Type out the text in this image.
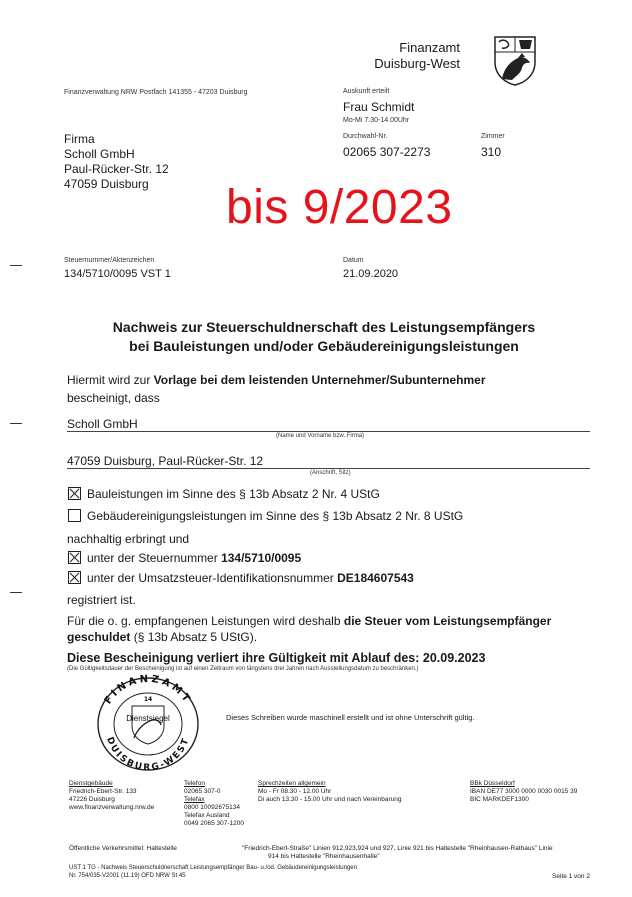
Finanzamt
Duisburg-West
Finanzverwaltung NRW Postfach 141355 - 47203 Duisburg
Firma
Scholl GmbH
Paul-Rücker-Str. 12
47059 Duisburg
Auskunft erteilt
Frau Schmidt
Mo-Mi 7.30-14.00Uhr
Durchwahl-Nr.
02065 307-2273
Zimmer
310
bis 9/2023
Steuernummer/Aktenzeichen
134/5710/0095 VST 1
Datum
21.09.2020
Nachweis zur Steuerschuldnerschaft des Leistungsempfängers
bei Bauleistungen und/oder Gebäudereinigungsleistungen
Hiermit wird zur Vorlage bei dem leistenden Unternehmer/Subunternehmer
bescheinigt, dass
Scholl GmbH
(Name und Vorname bzw. Firma)
47059 Duisburg, Paul-Rücker-Str. 12
(Anschrift, Sitz)
Bauleistungen im Sinne des § 13b Absatz 2 Nr. 4 UStG
Gebäudereinigungsleistungen im Sinne des § 13b Absatz 2 Nr. 8 UStG
nachhaltig erbringt und
unter der Steuernummer 134/5710/0095
unter der Umsatzsteuer-Identifikationsnummer DE184607543
registriert ist.
Für die o. g. empfangenen Leistungen wird deshalb die Steuer vom Leistungsempfänger
geschuldet (§ 13b Absatz 5 UStG).
Diese Bescheinigung verliert ihre Gültigkeit mit Ablauf des: 20.09.2023
(Die Gültigkeitsdauer der Bescheinigung ist auf einen Zeitraum von längstens drei Jahren nach Ausstellungsdatum zu beschränken.)
FINANZAMT
DUISBURG-WEST
14
Dienstsiegel	Dieses Schreiben wurde maschinell erstellt und ist ohne Unterschrift gültig.
Dienstgebäude
Friedrich-Ebert-Str. 133
47226 Duisburg
www.finanzverwaltung.nrw.de
Telefon
02065 307-0
Telefax
0800 10092675134
Telefax Ausland
0049 2065 307-1200
Sprechzeiten allgemein
Mo - Fr 08.30 - 12.00 Uhr
Di auch 13.30 - 15.00 Uhr und nach Vereinbarung
BBk Düsseldorf
IBAN DE77 3000 0000 0030 0015 39
BIC MARKDEF1300
Öffentliche Verkehrsmittel: Haltestelle	"Friedrich-Ebert-Straße" Linien 912,923,924 und 927, Linie 921 bis Haltestelle "Rheinhausen-Rathaus" Linie
914 bis Haltestelle "Rheinhausenhalle"
UST 1 TG - Nachweis Steuerschuldnerschaft Leistungsempfänger Bau- u./od. Gebäudereinigungsleistungen
Nr. 754/035-V2001 (11.19) OFD NRW St 45	Seite 1 von 2
